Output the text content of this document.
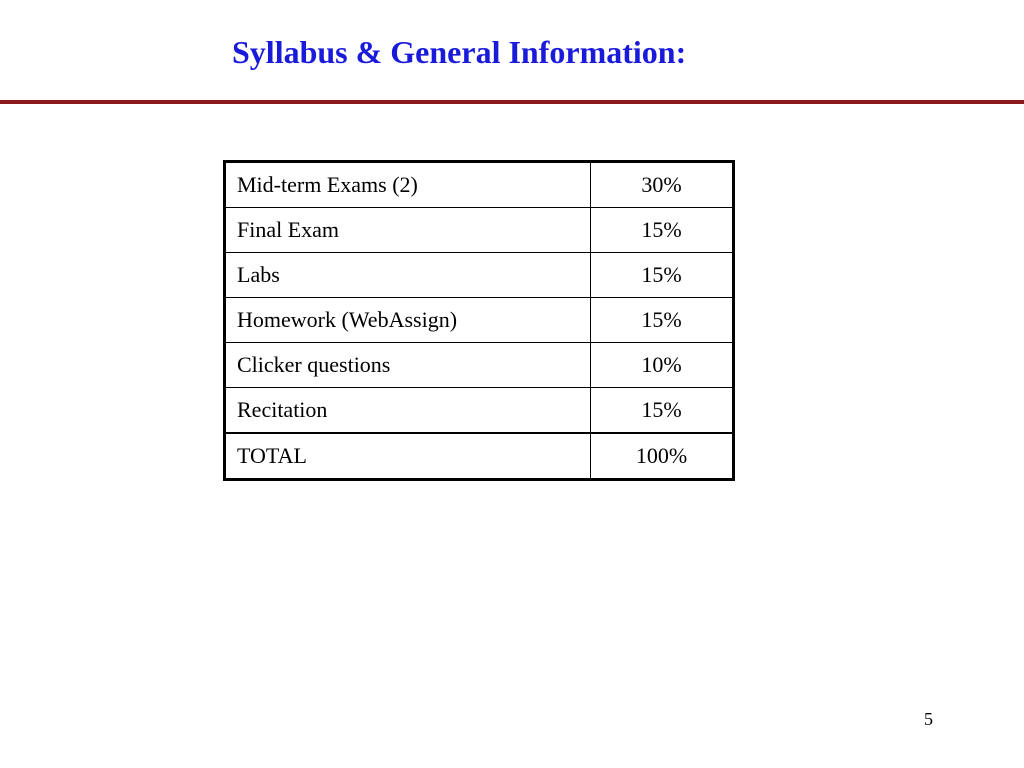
Syllabus & General Information:
Mid-term Exams (2)	30%
Final Exam	15%
Labs	15%
Homework (WebAssign)	15%
Clicker questions	10%
Recitation	15%
TOTAL	100%
5
